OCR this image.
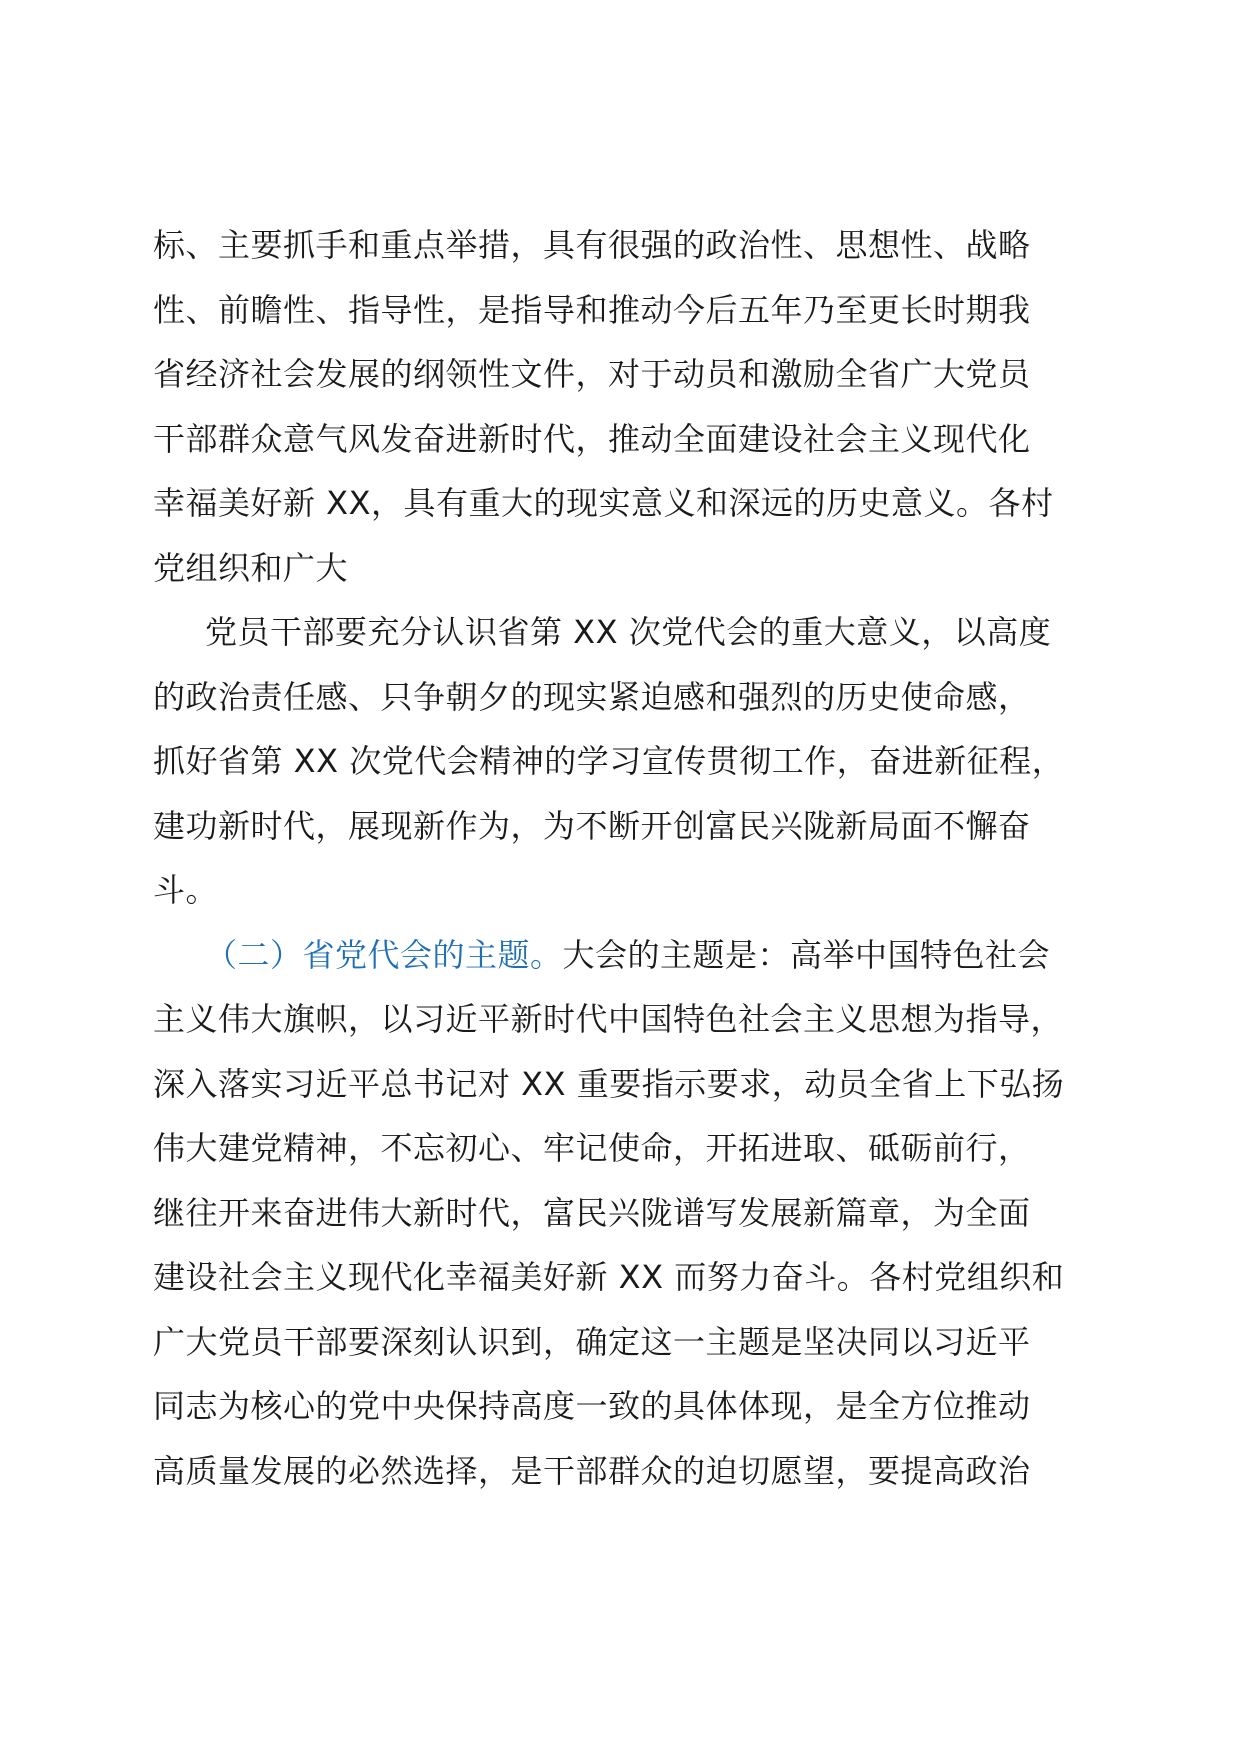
标、主要抓手和重点举措，具有很强的政治性、思想性、战略
性、前瞻性、指导性，是指导和推动今后五年乃至更长时期我
省经济社会发展的纲领性文件，对于动员和激励全省广大党员
干部群众意气风发奋进新时代，推动全面建设社会主义现代化
幸福美好新 XX，具有重大的现实意义和深远的历史意义。各村
党组织和广大
党员干部要充分认识省第 XX 次党代会的重大意义，以高度
的政治责任感、只争朝夕的现实紧迫感和强烈的历史使命感，
抓好省第 XX 次党代会精神的学习宣传贯彻工作，奋进新征程，
建功新时代，展现新作为，为不断开创富民兴陇新局面不懈奋
斗。
（二）省党代会的主题。大会的主题是：高举中国特色社会
主义伟大旗帜，以习近平新时代中国特色社会主义思想为指导，
深入落实习近平总书记对 XX 重要指示要求，动员全省上下弘扬
伟大建党精神，不忘初心、牢记使命，开拓进取、砥砺前行，
继往开来奋进伟大新时代，富民兴陇谱写发展新篇章，为全面
建设社会主义现代化幸福美好新 XX 而努力奋斗。各村党组织和
广大党员干部要深刻认识到，确定这一主题是坚决同以习近平
同志为核心的党中央保持高度一致的具体体现，是全方位推动
高质量发展的必然选择，是干部群众的迫切愿望，要提高政治
